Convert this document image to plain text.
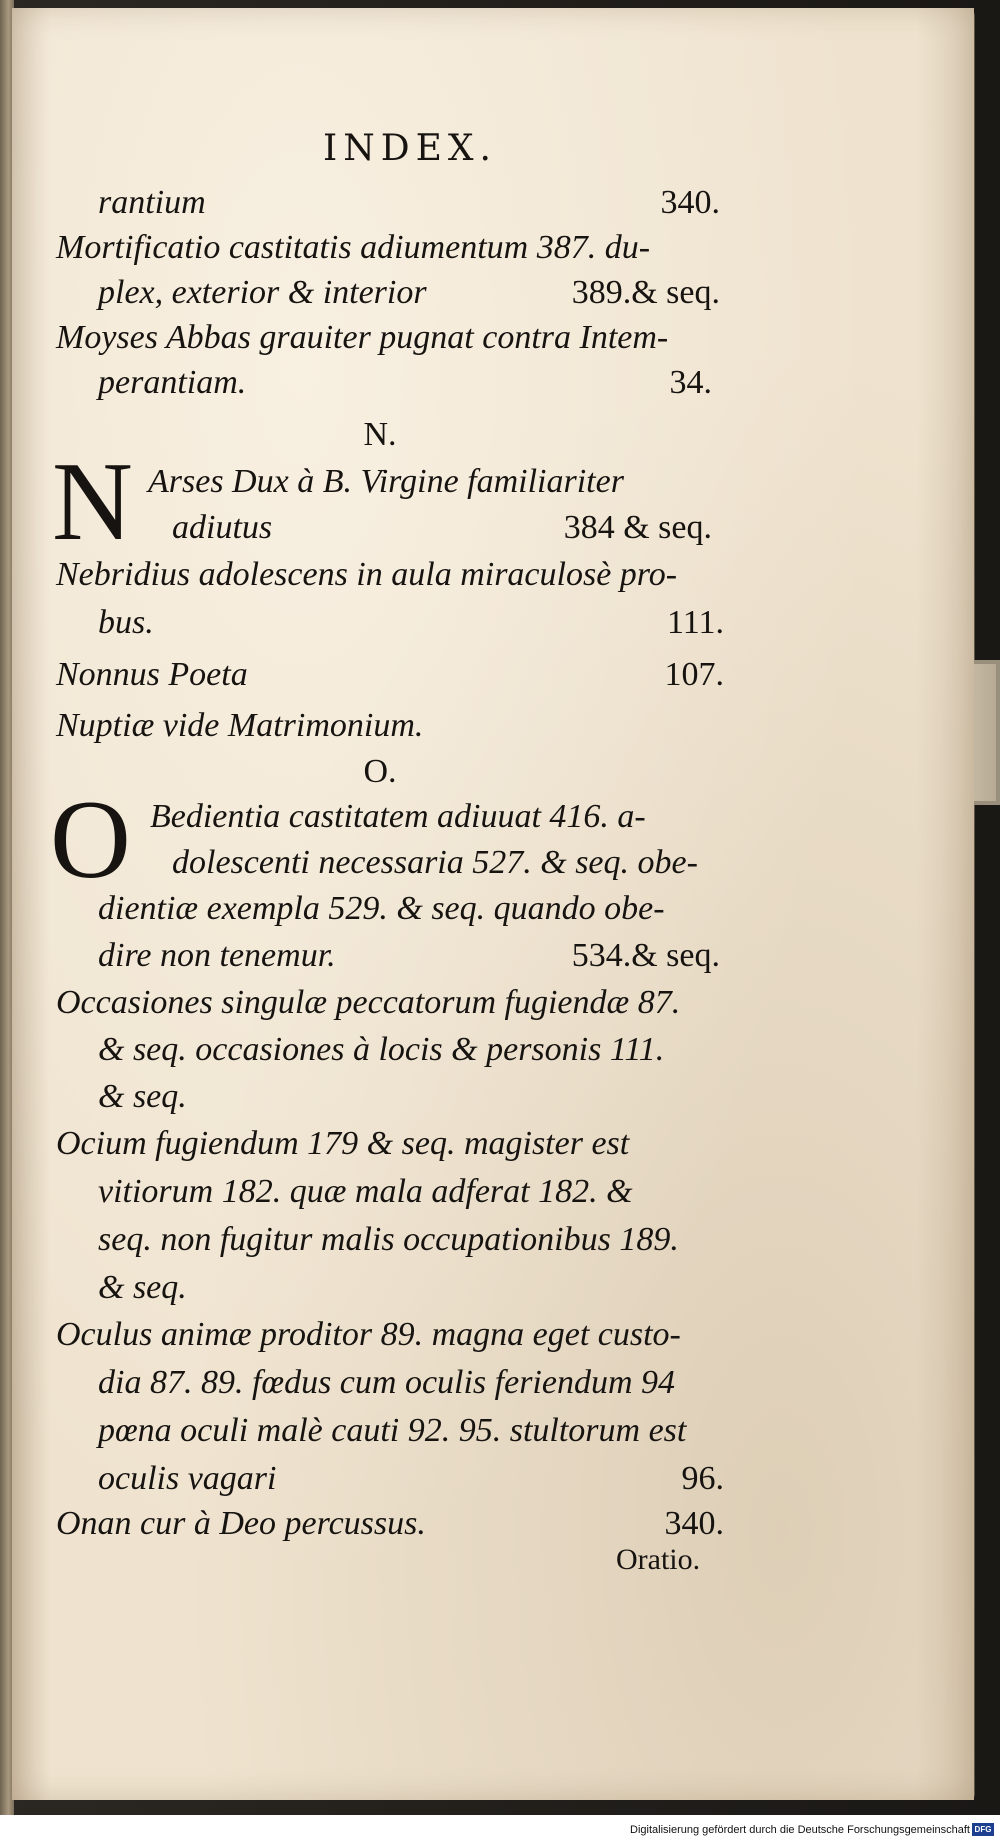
INDEX.
rantium	340.
Mortificatio castitatis adiumentum 387. du-
plex, exterior & interior	389.& seq.
Moyses Abbas grauiter pugnat contra Intem-
perantiam.	34.
N.
N Arses Dux à B. Virgine familiariter
adiutus	384 & seq.
Nebridius adolescens in aula miraculosè pro-
bus.	111.
Nonnus Poeta	107.
Nuptiæ vide Matrimonium.
O.
O Bedientia castitatem adiuuat 416. a-
dolescenti necessaria 527. & seq. obe-
dientiæ exempla 529. & seq. quando obe-
dire non tenemur.	534.& seq.
Occasiones singulæ peccatorum fugiendæ 87.
& seq. occasiones à locis & personis 111.
& seq.
Ocium fugiendum 179 & seq. magister est
vitiorum 182. quæ mala adferat 182. &
seq. non fugitur malis occupationibus 189.
& seq.
Oculus animæ proditor 89. magna eget custo-
dia 87. 89. fœdus cum oculis feriendum 94
pœna oculi malè cauti 92. 95. stultorum est
oculis vagari	96.
Onan cur à Deo percussus.	340.
Oratio.
Digitalisierung gefördert durch die Deutsche Forschungsgemeinschaft DFG
